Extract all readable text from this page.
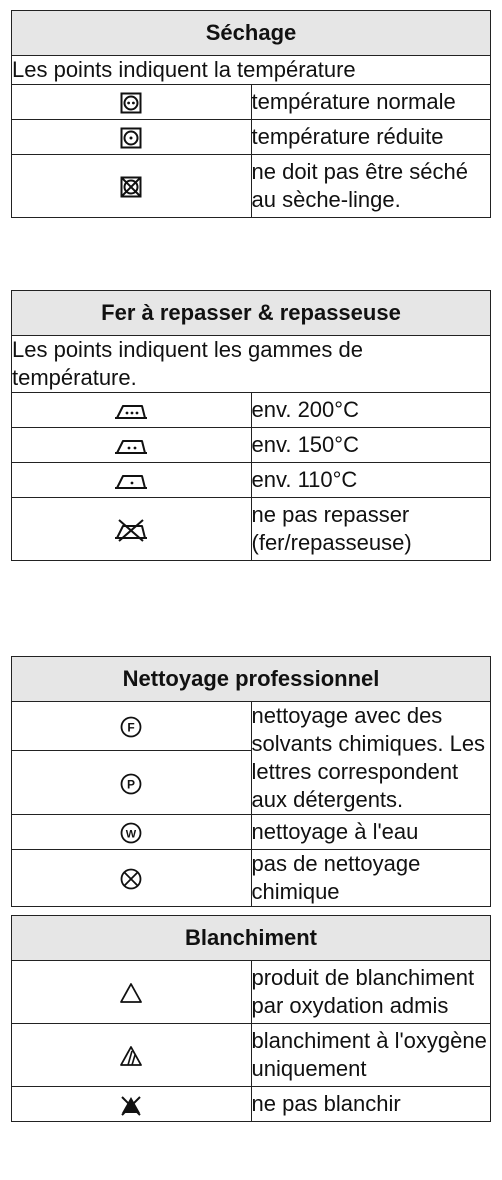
Séchage	
Les points indiquent la température	
	température normale
	température réduite
	ne doit pas être séché au sèche-linge.
Fer à repasser & repasseuse	
Les points indiquent les gammes de température.	
	env. 200°C
	env. 150°C
	env. 110°C
	ne pas repasser (fer/repasseuse)
Nettoyage professionnel	

F	nettoyage avec des solvants chimiques. Les lettres correspondent aux détergents.

P	

W	nettoyage à l'eau
	pas de nettoyage chimique
Blanchiment	
	produit de blanchiment par oxydation admis
	blanchiment à l'oxygène uniquement
	ne pas blanchir
